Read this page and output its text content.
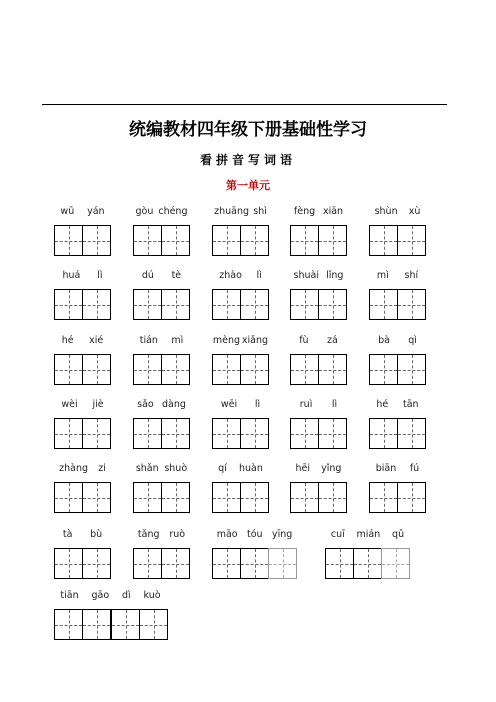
统编教材四年级下册基础性学习
看拼音写词语
第一单元
wū yán	gòu chéng	zhuāng shì	fèng xiān	shùn xù
huá lì	dú tè	zhào lì	shuài lǐng	mì shí
hé xié	tián mì	mèng xiǎng	fù zá	bà qì
wèi jiè	sǎo dàng	wēi lì	ruì lì	hé tān
zhàng zi	shǎn shuò	qí huàn	hēi yǐng	biān fú
tà bù	tǎng ruò	māo tóu yīng	cuī mián qǔ
tiān gāo dì kuò
